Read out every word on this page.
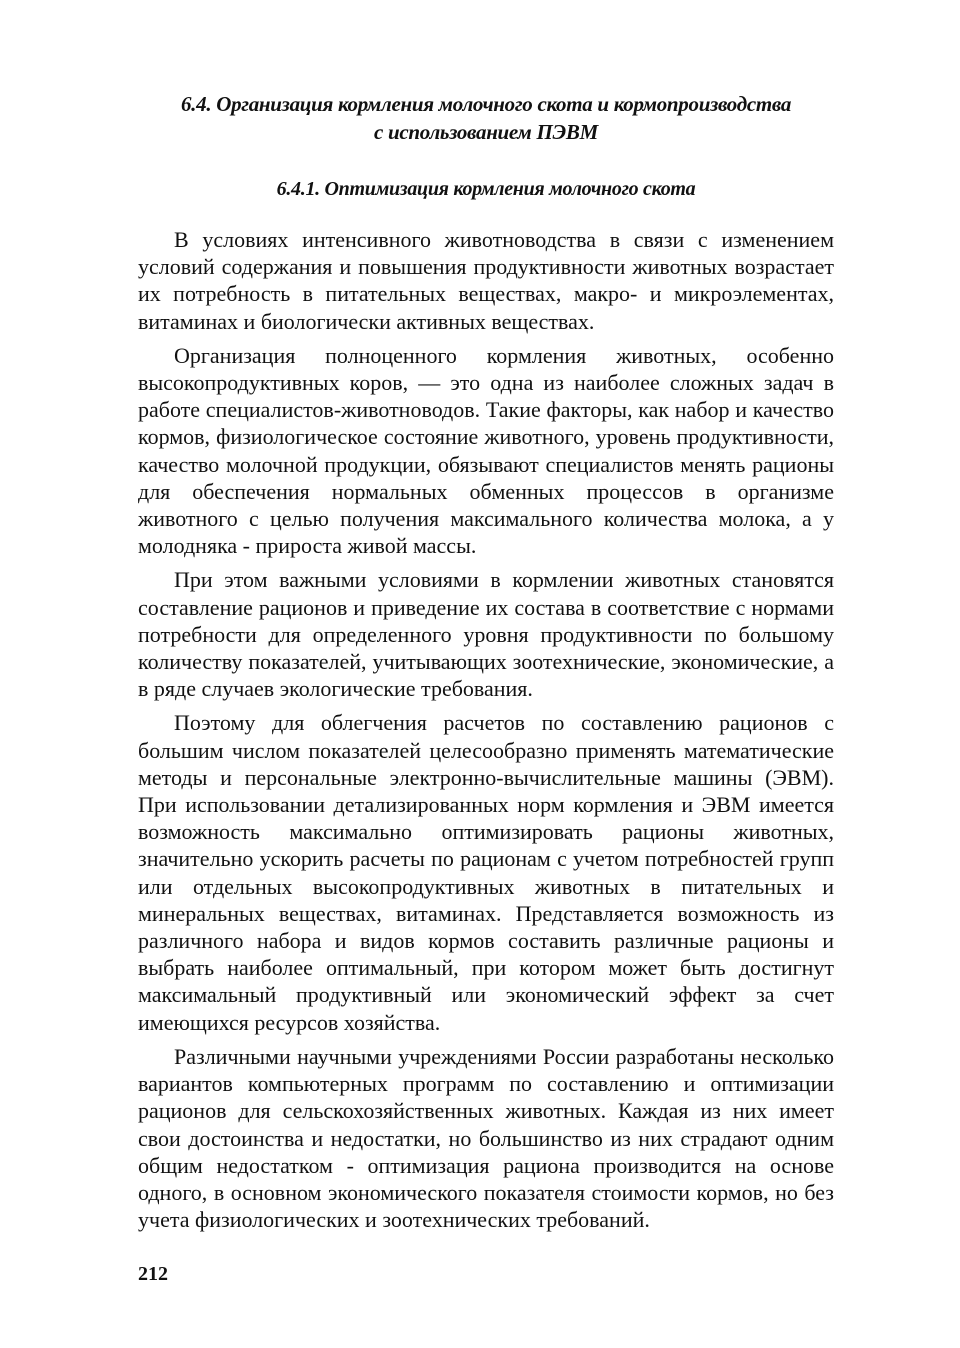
6.4. Организация кормления молочного скота и кормопроизводства
с использованием ПЭВМ
6.4.1. Оптимизация кормления молочного скота

В условиях интенсивного животноводства в связи с изменением условий содержания и повышения продуктивности животных возрастает их потребность в питательных веществах, макро- и микроэлементах, витаминах и биологически активных веществах.

Организация полноценного кормления животных, особенно высокопродуктивных коров, — это одна из наиболее сложных задач в работе специалистов-животноводов. Такие факторы, как набор и качество кормов, физиологическое состояние животного, уровень продуктивности, качество молочной продукции, обязывают специалистов менять рационы для обеспечения нормальных обменных процессов в организме животного с целью получения максимального количества молока, а у молодняка - прироста живой массы.

При этом важными условиями в кормлении животных становятся составление рационов и приведение их состава в соответствие с нормами потребности для определенного уровня продуктивности по большому количеству показателей, учитывающих зоотехнические, экономические, а в ряде случаев экологические требования.

Поэтому для облегчения расчетов по составлению рационов с большим числом показателей целесообразно применять математические методы и персональные электронно-вычислительные машины (ЭВМ). При использовании детализированных норм кормления и ЭВМ имеется возможность максимально оптимизировать рационы животных, значительно ускорить расчеты по рационам с учетом потребностей групп или отдельных высокопродуктивных животных в питательных и минеральных веществах, витаминах. Представляется возможность из различного набора и видов кормов составить различные рационы и выбрать наиболее оптимальный, при котором может быть достигнут максимальный продуктивный или экономический эффект за счет имеющихся ресурсов хозяйства.

Различными научными учреждениями России разработаны несколько вариантов компьютерных программ по составлению и оптимизации рационов для сельскохозяйственных животных. Каждая из них имеет свои достоинства и недостатки, но большинство из них страдают одним общим недостатком - оптимизация рациона производится на основе одного, в основном экономического показателя стоимости кормов, но без учета физиологических и зоотехнических требований.

212
